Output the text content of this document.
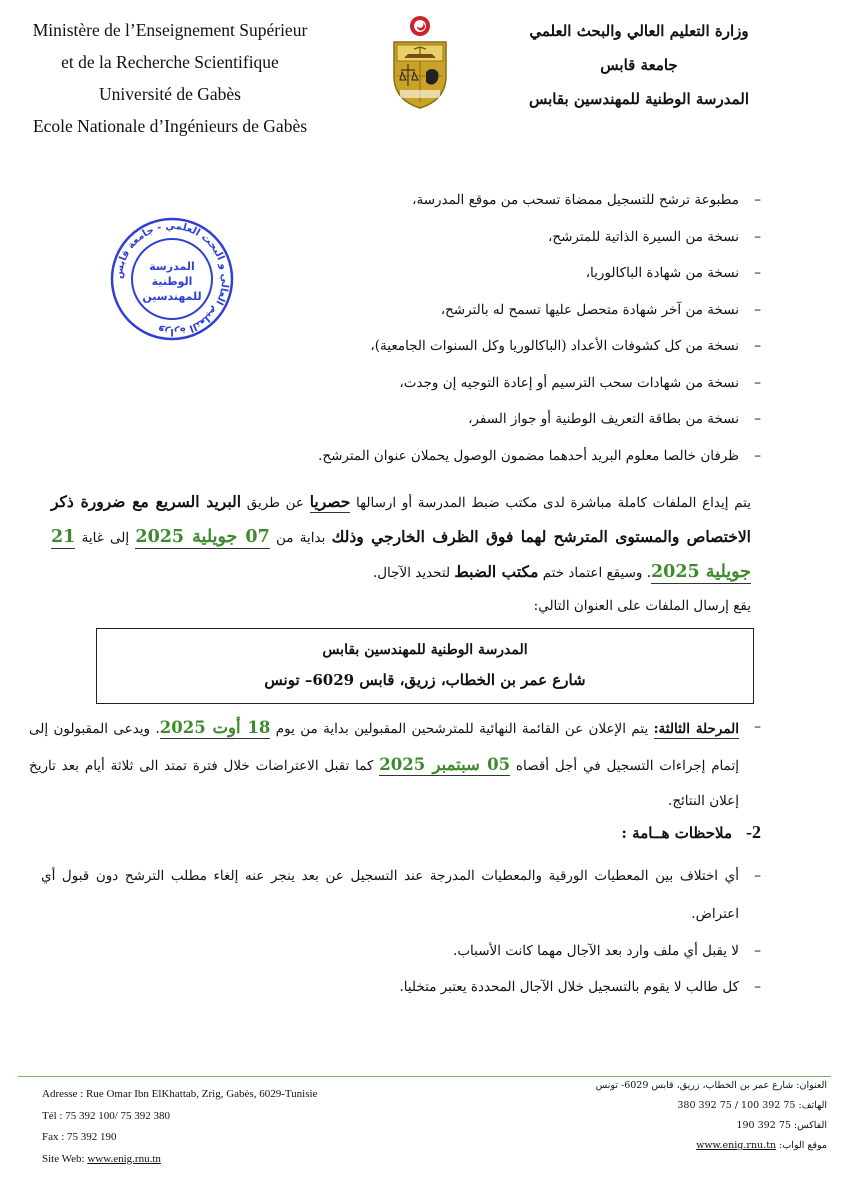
Ministère de l’Enseignement Supérieur
et de la Recherche Scientifique
Université de Gabès
Ecole Nationale d’Ingénieurs de Gabès
وزارة التعليم العالي والبحث العلمي
جامعة قابس
المدرسة الوطنية للمهندسين بقابس
وزارة التعليم العالي و البحث العلمي - جامعة قابس
المدرسة
الوطنية
للمهندسين
–
مطبوعة ترشح للتسجيل ممضاة تسحب من موقع المدرسة،
–
نسخة من السيرة الذاتية للمترشح،
–
نسخة من شهادة الباكالوريا،
–
نسخة من آخر شهادة متحصل عليها تسمح له بالترشح،
–
نسخة من كل كشوفات الأعداد (الباكالوريا وكل السنوات الجامعية)،
–
نسخة من شهادات سحب الترسيم أو إعادة التوجيه إن وجدت،
–
نسخة من بطاقة التعريف الوطنية أو جواز السفر،
–
ظرفان خالصا معلوم البريد أحدهما مضمون الوصول يحملان عنوان المترشح.
يتم إيداع الملفات كاملة مباشرة لدى مكتب ضبط المدرسة أو ارسالها حصريا عن طريق البريد السريع مع ضرورة ذكر الاختصاص والمستوى المترشح لهما فوق الظرف الخارجي وذلك بداية من 07 جويلية 2025 إلى غاية 21 جويلية 2025. وسيقع اعتماد ختم مكتب الضبط لتحديد الآجال.
يقع إرسال الملفات على العنوان التالي:
المدرسة الوطنية للمهندسين بقابس
شارع عمر بن الخطاب، زريق، قابس 6029– تونس
–
المرحلة الثالثة: يتم الإعلان عن القائمة النهائية للمترشحين المقبولين بداية من يوم 18 أوت 2025. ويدعى المقبولون إلى إتمام إجراءات التسجيل في أجل أقصاه 05 سبتمبر 2025 كما تقبل الاعتراضات خلال فترة تمتد الى ثلاثة أيام بعد تاريخ إعلان النتائج.
2-ملاحظات هــامة :
–
أي اختلاف بين المعطيات الورقية والمعطيات المدرجة عند التسجيل عن بعد ينجر عنه إلغاء مطلب الترشح دون قبول أي اعتراض.
–
لا يقبل أي ملف وارد بعد الآجال مهما كانت الأسباب.
–
كل طالب لا يقوم بالتسجيل خلال الآجال المحددة يعتبر متخليا.
Adresse : Rue Omar Ibn ElKhattab, Zrig, Gabès, 6029-Tunisie
Tél : 75 392 100/ 75 392 380
Fax : 75 392 190
Site Web: www.enig.rnu.tn
العنوان: شارع عمر بن الخطاب، زريق، قابس 6029- تونس
الهاتف: 75 392 100 / 75 392 380
الفاكس: 75 392 190
موقع الواب: www.enig.rnu.tn
